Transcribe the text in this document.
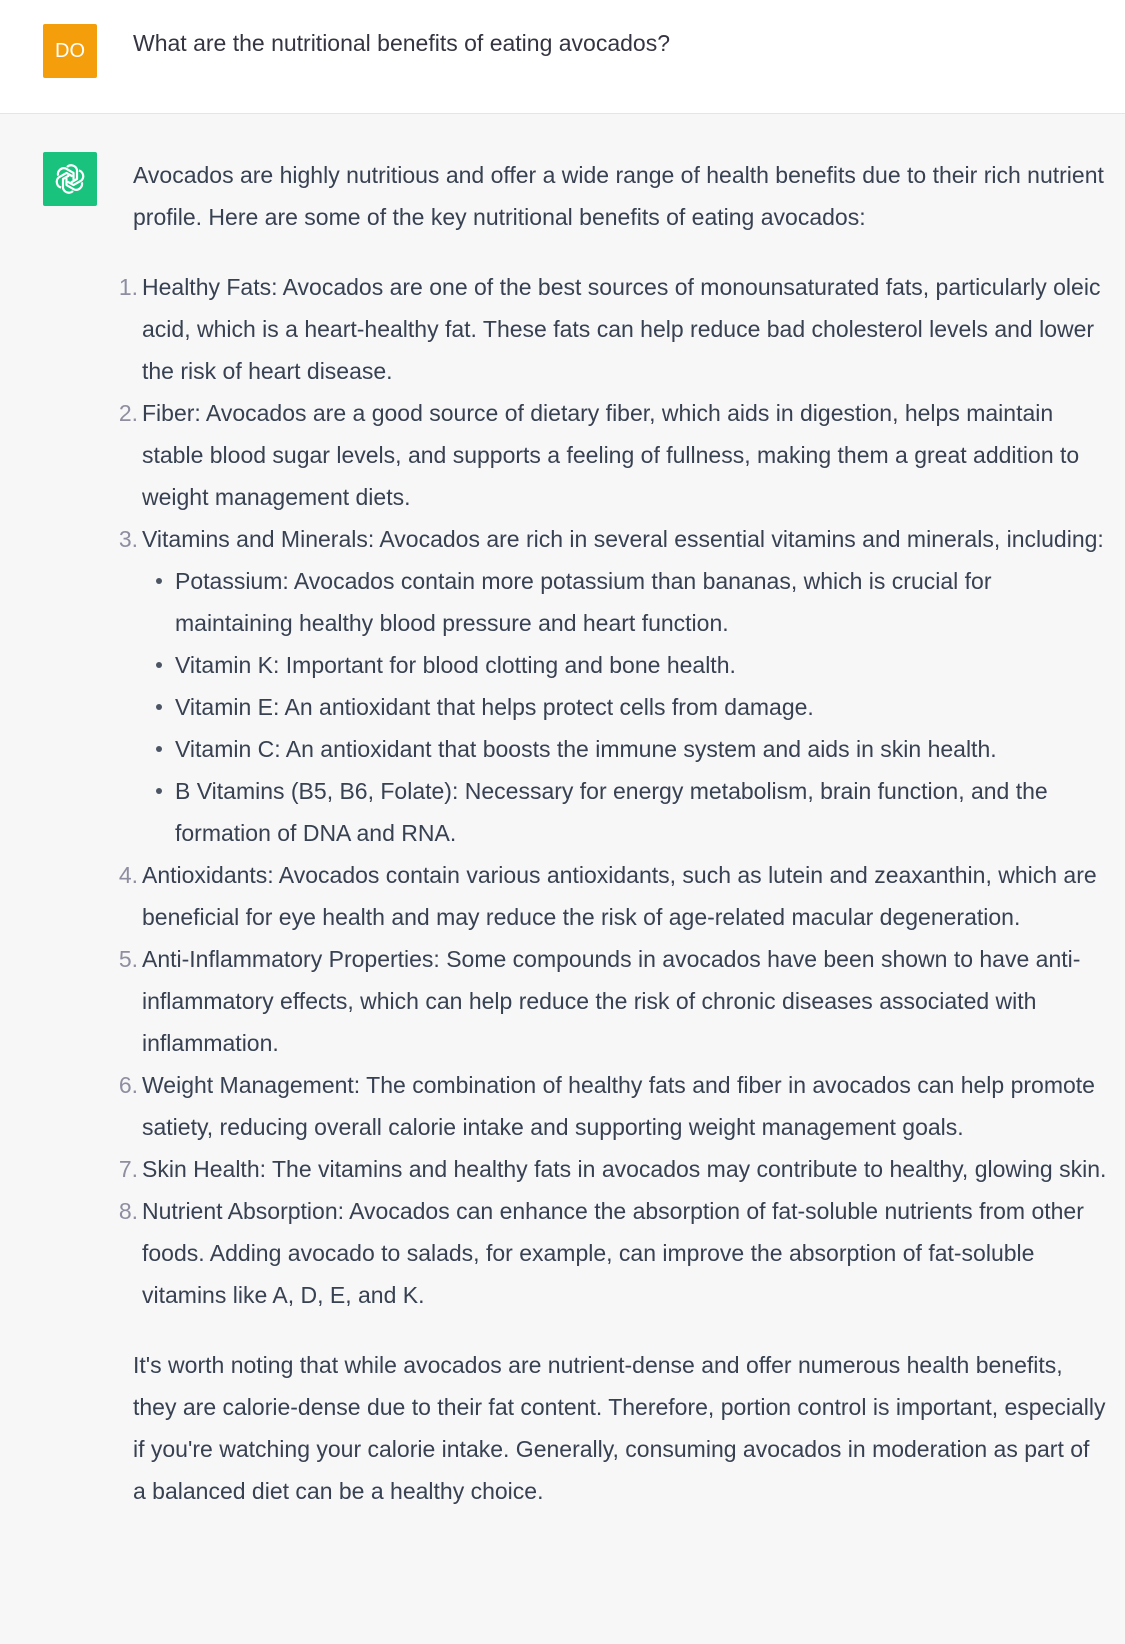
DO	What are the nutritional benefits of eating avocados?

Avocados are highly nutritious and offer a wide range of health benefits due to their rich nutrient profile. Here are some of the key nutritional benefits of eating avocados:

1. Healthy Fats: Avocados are one of the best sources of monounsaturated fats, particularly oleic acid, which is a heart-healthy fat. These fats can help reduce bad cholesterol levels and lower the risk of heart disease.
2. Fiber: Avocados are a good source of dietary fiber, which aids in digestion, helps maintain stable blood sugar levels, and supports a feeling of fullness, making them a great addition to weight management diets.
3. Vitamins and Minerals: Avocados are rich in several essential vitamins and minerals, including:
Potassium: Avocados contain more potassium than bananas, which is crucial for maintaining healthy blood pressure and heart function.
Vitamin K: Important for blood clotting and bone health.
Vitamin E: An antioxidant that helps protect cells from damage.
Vitamin C: An antioxidant that boosts the immune system and aids in skin health.
B Vitamins (B5, B6, Folate): Necessary for energy metabolism, brain function, and the formation of DNA and RNA.
4. Antioxidants: Avocados contain various antioxidants, such as lutein and zeaxanthin, which are beneficial for eye health and may reduce the risk of age-related macular degeneration.
5. Anti-Inflammatory Properties: Some compounds in avocados have been shown to have anti-inflammatory effects, which can help reduce the risk of chronic diseases associated with inflammation.
6. Weight Management: The combination of healthy fats and fiber in avocados can help promote satiety, reducing overall calorie intake and supporting weight management goals.
7. Skin Health: The vitamins and healthy fats in avocados may contribute to healthy, glowing skin.
8. Nutrient Absorption: Avocados can enhance the absorption of fat-soluble nutrients from other foods. Adding avocado to salads, for example, can improve the absorption of fat-soluble vitamins like A, D, E, and K.

It's worth noting that while avocados are nutrient-dense and offer numerous health benefits, they are calorie-dense due to their fat content. Therefore, portion control is important, especially if you're watching your calorie intake. Generally, consuming avocados in moderation as part of a balanced diet can be a healthy choice.
